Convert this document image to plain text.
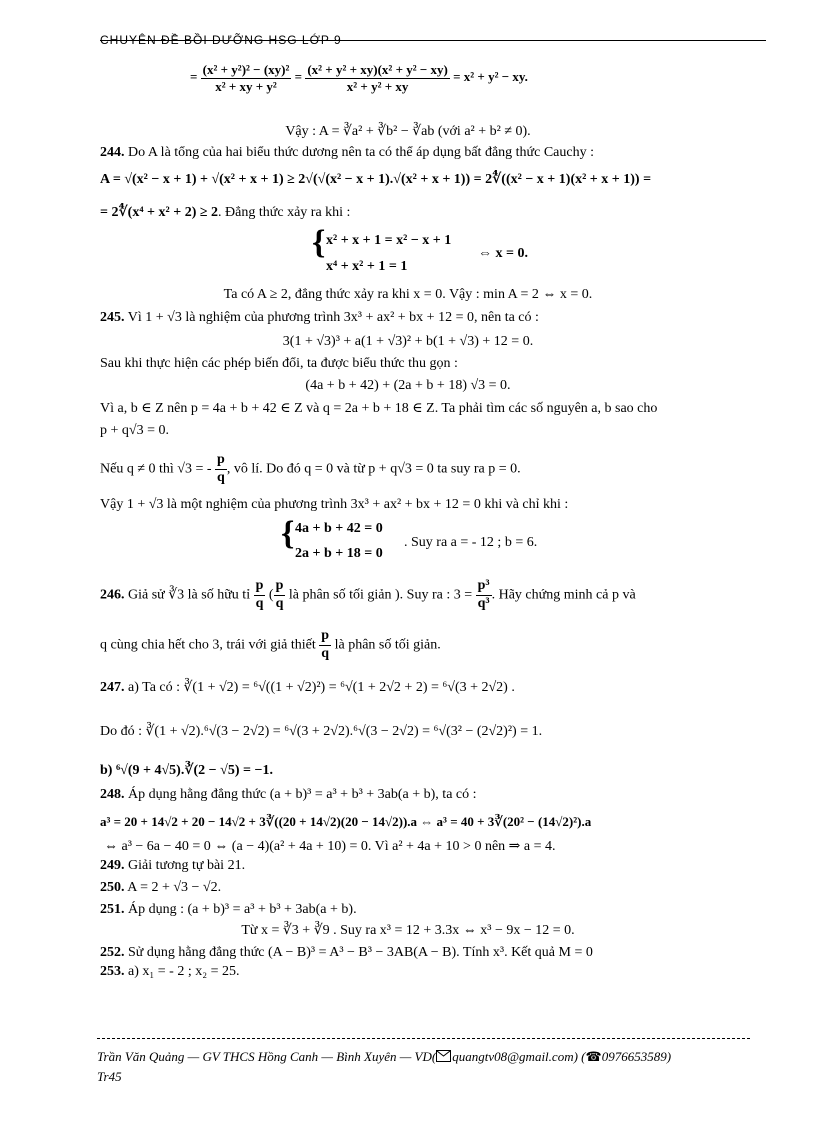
CHUYÊN ĐỀ BỒI DƯỠNG HSG LỚP 9
= $\frac{\text{(x² + y²)² − (xy)²}}{\text{x² + xy + y²}} = \frac{\text{(x² + y² + xy)(x² + y² − xy)}}{\text{x² + y² + xy}} = x^2 + y^2$ − xy.
Vậy : A = ∛a² + ∛b² − ∛ab (với a² + b² ≠ 0).
244. Do A là tổng của hai biểu thức dương nên ta có thể áp dụng bất đẳng thức Cauchy :
A = √(x² − x + 1) + √(x² + x + 1) ≥ 2√(√(x² − x + 1).√(x² + x + 1)) = 2∜((x² − x + 1)(x² + x + 1)) =
= 2∜(x⁴ + x² + 2) ≥ 2. Đẳng thức xảy ra khi :
{ x² + x + 1 = x² − x + 1
x⁴ + x² + 1 = 1
⇔ x = 0.
Ta có A ≥ 2, đẳng thức xảy ra khi x = 0. Vậy : min A = 2 ⇔ x = 0.
245. Vì 1 + √3 là nghiệm của phương trình 3x³ + ax² + bx + 12 = 0, nên ta có :
3(1 + √3)³ + a(1 + √3)² + b(1 + √3) + 12 = 0.
Sau khi thực hiện các phép biến đổi, ta được biểu thức thu gọn :
(4a + b + 42) + (2a + b + 18) √3 = 0.
Vì a, b ∈ Z nên p = 4a + b + 42 ∈ Z và q = 2a + b + 18 ∈ Z. Ta phải tìm các số nguyên a, b sao cho
p + q√3 = 0.
Nếu q ≠ 0 thì √3 = - $\frac{p}{q}$ , vô lí. Do đó q = 0 và từ p + q√3 = 0 ta suy ra p = 0.
Vậy 1 + √3 là một nghiệm của phương trình 3x³ + ax² + bx + 12 = 0 khi và chỉ khi :
{ 4a + b + 42 = 0
2a + b + 18 = 0
. Suy ra a = - 12 ; b = 6.
246. Giả sử ∛3 là số hữu tỉ $\frac{p}{q}$ ( $\frac{p}{q}$ là phân số tối giản ). Suy ra : $3 = \frac{\text{p³}}{\text{q³}}$ . Hãy chứng minh cả p và
q cùng chia hết cho 3, trái với giả thiết $\frac{p}{q}$ là phân số tối giản.
247. a) Ta có : ∛(1 + √2) = ⁶√((1 + √2)²) = ⁶√(1 + 2√2 + 2) = ⁶√(3 + 2√2) .
Do đó : ∛(1 + √2).⁶√(3 − 2√2) = ⁶√(3 + 2√2).⁶√(3 − 2√2) = ⁶√(3² − (2√2)²) = 1.
b) ⁶√(9 + 4√5).∛(2 − √5) = −1.
248. Áp dụng hằng đẳng thức (a + b)³ = a³ + b³ + 3ab(a + b), ta có :
a³ = 20 + 14√2 + 20 − 14√2 + 3∛((20 + 14√2)(20 − 14√2)).a ⇔ a³ = 40 + 3∛(20² − (14√2)²).a
⇔ a³ − 6a − 40 = 0 ⇔ (a − 4)(a² + 4a + 10) = 0. Vì a² + 4a + 10 > 0 nên ⇒ a = 4.
249. Giải tương tự bài 21.
250. A = 2 + √3 − √2.
251. Áp dụng : (a + b)³ = a³ + b³ + 3ab(a + b).
Từ x = ∛3 + ∛9 . Suy ra x³ = 12 + 3.3x ⇔ x³ − 9x − 12 = 0.
252. Sử dụng hằng đẳng thức (A − B)³ = A³ − B³ − 3AB(A − B). Tính x³. Kết quả M = 0
253. a) x₁ = - 2 ; x₂ = 25.
Trần Văn Quảng — GV THCS Hồng Canh — Bình Xuyên — VD( quangtv08@gmail.com) (☎0976653589)
Tr45
